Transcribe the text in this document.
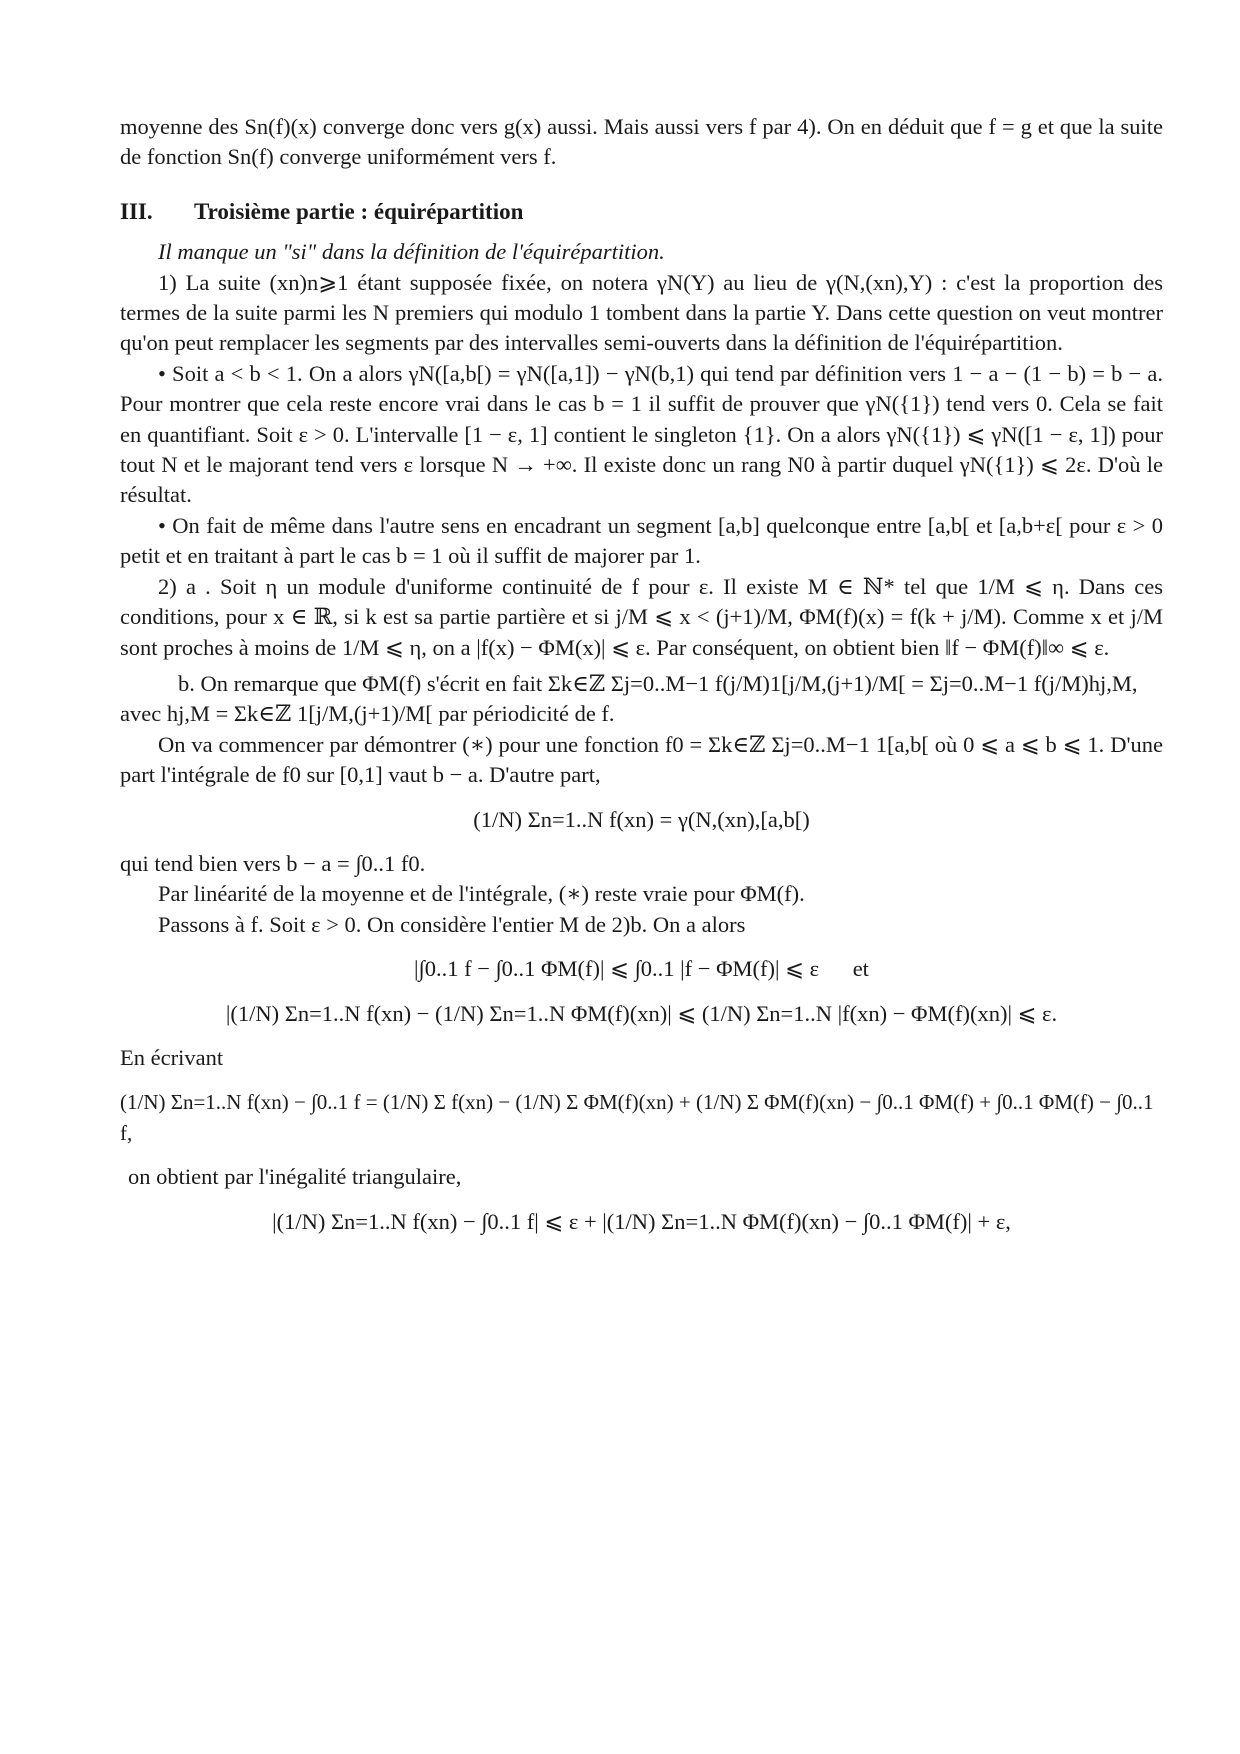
moyenne des Sn(f)(x) converge donc vers g(x) aussi. Mais aussi vers f par 4). On en déduit que f = g et que la suite de fonction Sn(f) converge uniformément vers f.

III. Troisième partie : équirépartition

Il manque un "si" dans la définition de l'équirépartition.

1) La suite (xn)n⩾1 étant supposée fixée, on notera γN(Y) au lieu de γ(N,(xn),Y) : c'est la proportion des termes de la suite parmi les N premiers qui modulo 1 tombent dans la partie Y. Dans cette question on veut montrer qu'on peut remplacer les segments par des intervalles semi-ouverts dans la définition de l'équirépartition.

• Soit a < b < 1. On a alors γN([a,b[) = γN([a,1]) − γN(b,1) qui tend par définition vers 1 − a − (1 − b) = b − a. Pour montrer que cela reste encore vrai dans le cas b = 1 il suffit de prouver que γN({1}) tend vers 0. Cela se fait en quantifiant. Soit ε > 0. L'intervalle [1 − ε, 1] contient le singleton {1}. On a alors γN({1}) ⩽ γN([1 − ε, 1]) pour tout N et le majorant tend vers ε lorsque N → +∞. Il existe donc un rang N0 à partir duquel γN({1}) ⩽ 2ε. D'où le résultat.

• On fait de même dans l'autre sens en encadrant un segment [a,b] quelconque entre [a,b[ et [a,b+ε[ pour ε > 0 petit et en traitant à part le cas b = 1 où il suffit de majorer par 1.

2) a . Soit η un module d'uniforme continuité de f pour ε. Il existe M ∈ ℕ* tel que 1/M ⩽ η. Dans ces conditions, pour x ∈ ℝ, si k est sa partie partière et si j/M ⩽ x < (j+1)/M, ΦM(f)(x) = f(k + j/M). Comme x et j/M sont proches à moins de 1/M ⩽ η, on a |f(x) − ΦM(x)| ⩽ ε. Par conséquent, on obtient bien ‖f − ΦM(f)‖∞ ⩽ ε.

b. On remarque que ΦM(f) s'écrit en fait Σk∈ℤ Σj=0..M−1 f(j/M)1[j/M,(j+1)/M[ = Σj=0..M−1 f(j/M)hj,M,

avec hj,M = Σk∈ℤ 1[j/M,(j+1)/M[ par périodicité de f.

On va commencer par démontrer (∗) pour une fonction f0 = Σk∈ℤ Σj=0..M−1 1[a,b[ où 0 ⩽ a ⩽ b ⩽ 1. D'une part l'intégrale de f0 sur [0,1] vaut b − a. D'autre part,

(1/N) Σn=1..N f(xn) = γ(N,(xn),[a,b[)

qui tend bien vers b − a = ∫0..1 f0.

Par linéarité de la moyenne et de l'intégrale, (∗) reste vraie pour ΦM(f).

Passons à f. Soit ε > 0. On considère l'entier M de 2)b. On a alors

|∫0..1 f − ∫0..1 ΦM(f)| ⩽ ∫0..1 |f − ΦM(f)| ⩽ ε et
|(1/N) Σn=1..N f(xn) − (1/N) Σn=1..N ΦM(f)(xn)| ⩽ (1/N) Σn=1..N |f(xn) − ΦM(f)(xn)| ⩽ ε.

En écrivant

(1/N) Σn=1..N f(xn) − ∫0..1 f = (1/N) Σ f(xn) − (1/N) Σ ΦM(f)(xn) + (1/N) Σ ΦM(f)(xn) − ∫0..1 ΦM(f) + ∫0..1 ΦM(f) − ∫0..1 f,

on obtient par l'inégalité triangulaire,

|(1/N) Σn=1..N f(xn) − ∫0..1 f| ⩽ ε + |(1/N) Σn=1..N ΦM(f)(xn) − ∫0..1 ΦM(f)| + ε,
